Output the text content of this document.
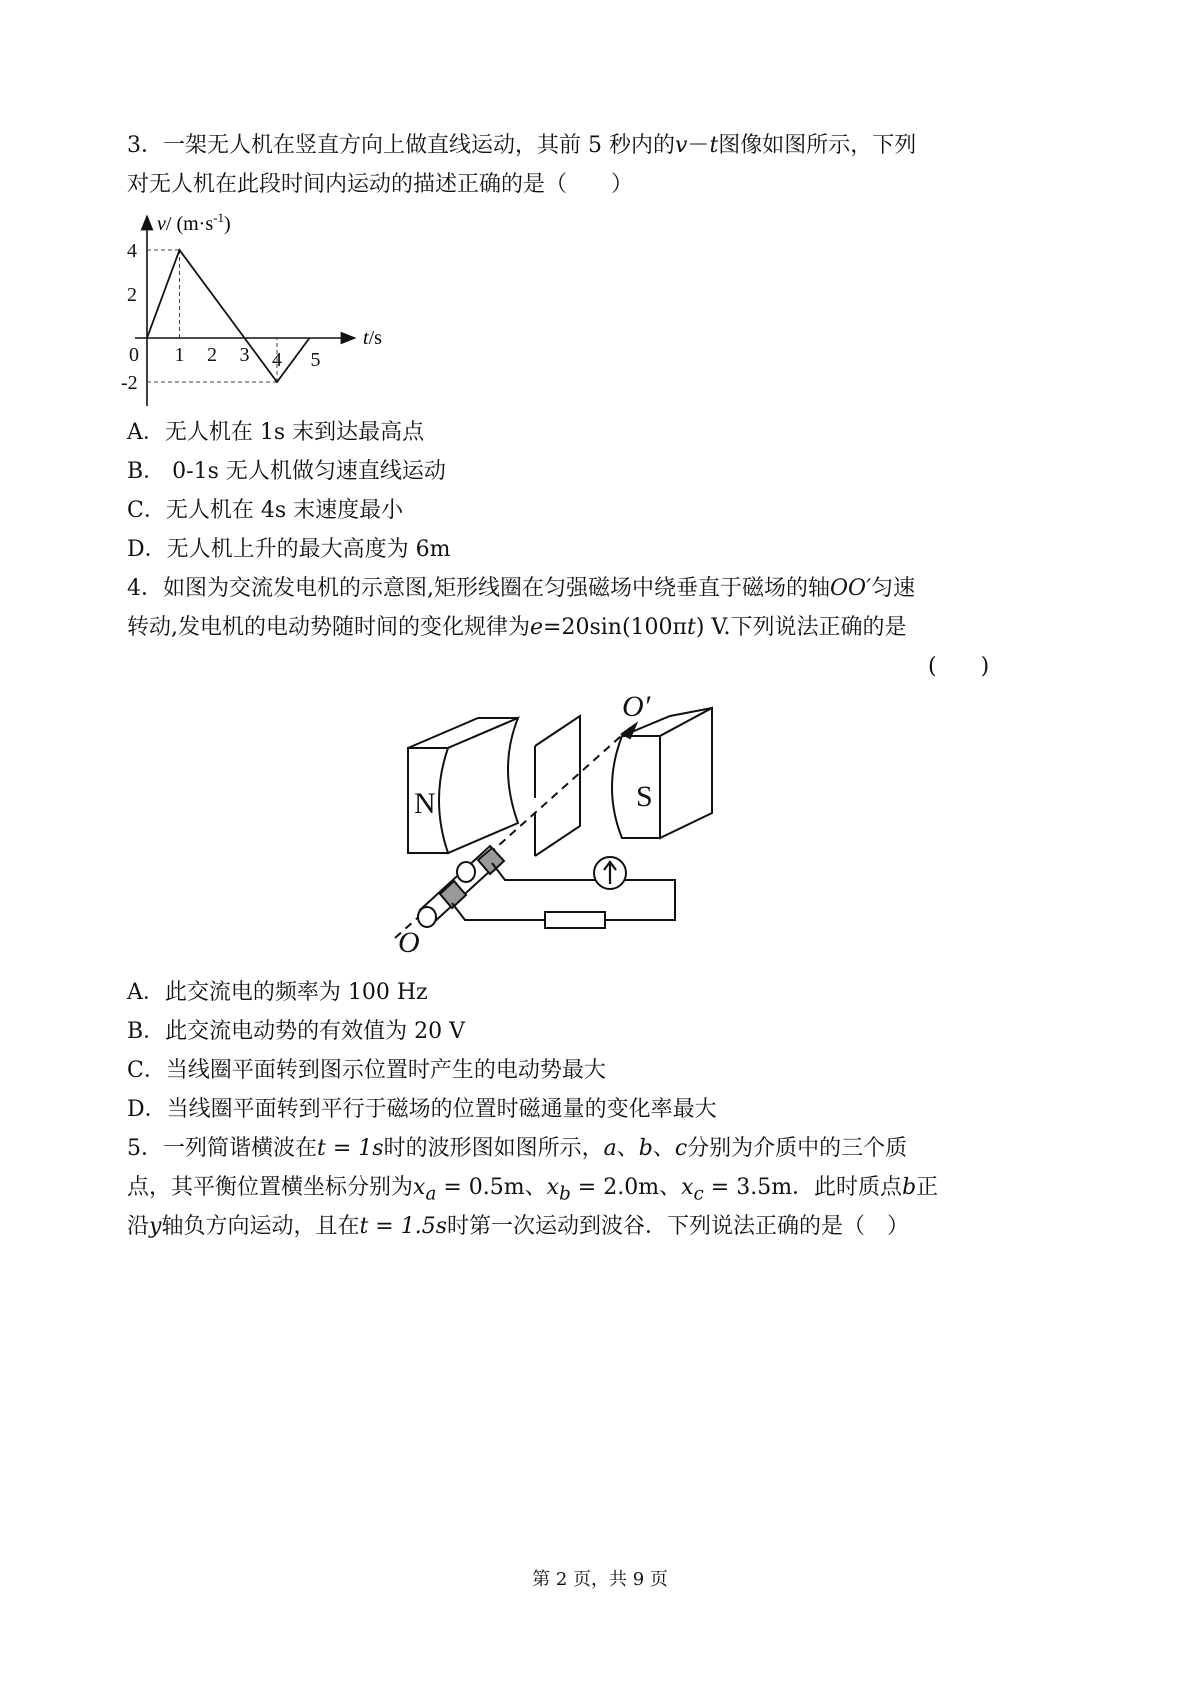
3．一架无人机在竖直方向上做直线运动，其前 5 秒内的v－t图像如图所示，下列
对无人机在此段时间内运动的描述正确的是（　　）
v/ $(m\cdot s^{-1})$
t/s
0 1 2 3 4 5
4
2
-2
A．无人机在 1s 末到达最高点
B． 0-1s 无人机做匀速直线运动
C．无人机在 4s 末速度最小
D．无人机上升的最大高度为 6m
4．如图为交流发电机的示意图,矩形线圈在匀强磁场中绕垂直于磁场的轴OO′匀速
转动,发电机的电动势随时间的变化规律为e=20sin(100πt) V.下列说法正确的是
(　　)
N	S
O′
O
A．此交流电的频率为 100 Hz
B．此交流电动势的有效值为 20 V
C．当线圈平面转到图示位置时产生的电动势最大
D．当线圈平面转到平行于磁场的位置时磁通量的变化率最大
5．一列简谐横波在t = 1s时的波形图如图所示，a、b、c分别为介质中的三个质
点，其平衡位置横坐标分别为$x_a = 0.5m$、$x_b = 2.0m$、$x_c = 3.5m$．此时质点b正
沿y轴负方向运动，且在t = 1.5s时第一次运动到波谷．下列说法正确的是（　）
第 2 页，共 9 页
